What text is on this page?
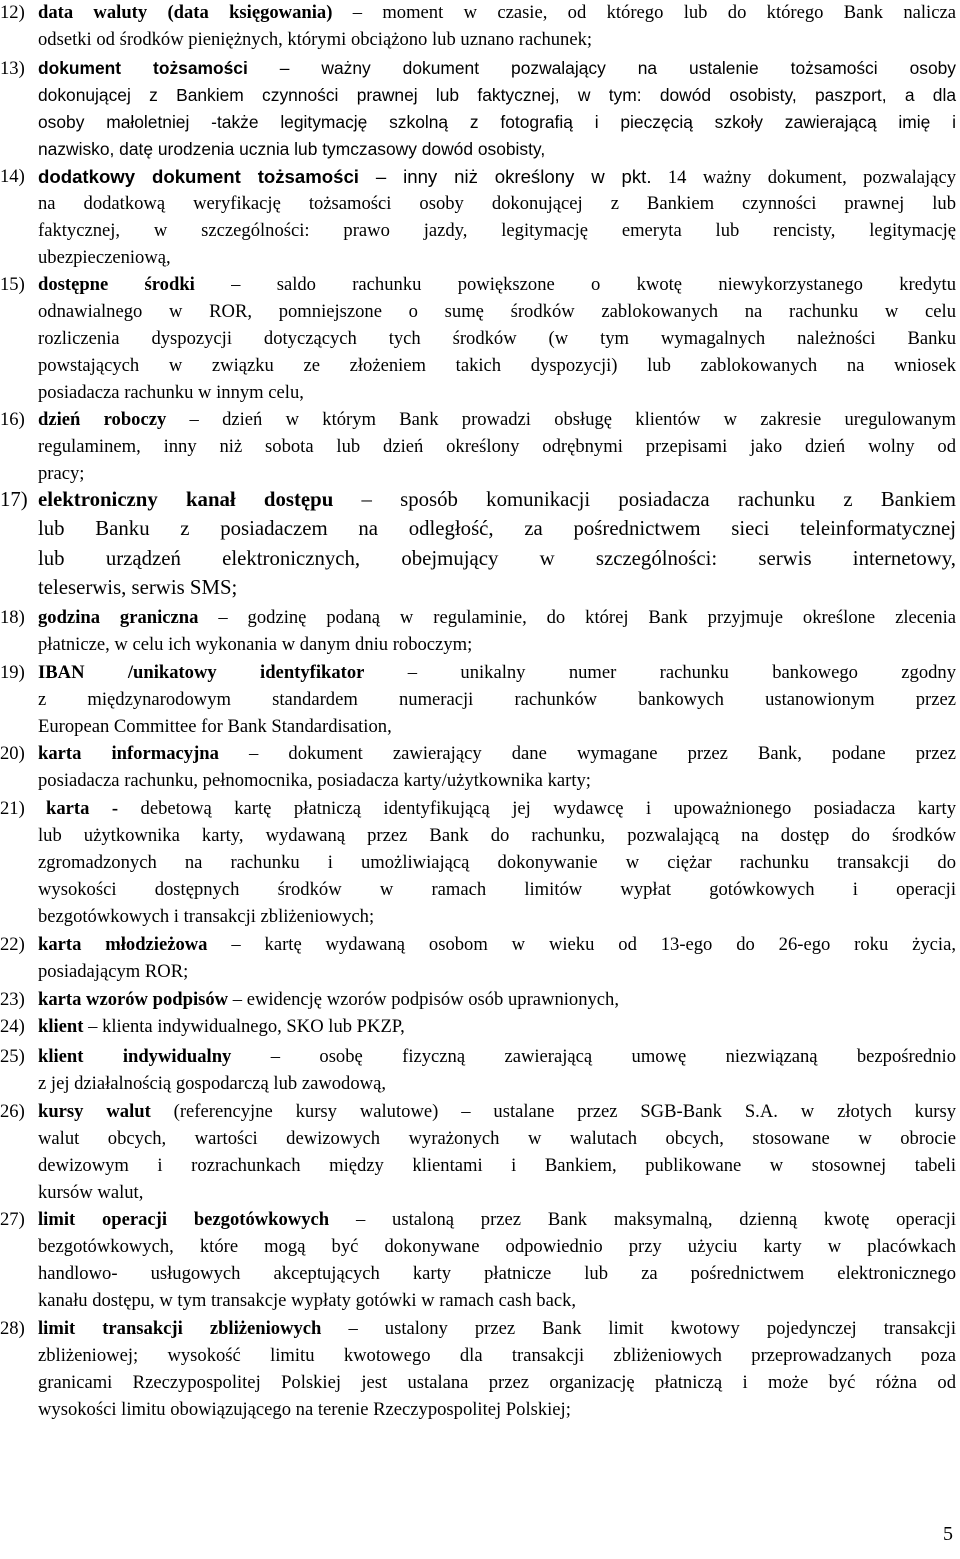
12) data waluty (data księgowania) – moment w czasie, od którego lub do którego Bank nalicza
odsetki od środków pieniężnych, którymi obciążono lub uznano rachunek;
13) dokument tożsamości – ważny dokument pozwalający na ustalenie tożsamości osoby
dokonującej z Bankiem czynności prawnej lub faktycznej, w tym: dowód osobisty, paszport, a dla
osoby małoletniej -także legitymację szkolną z fotografią i pieczęcią szkoły zawierającą imię i
nazwisko, datę urodzenia ucznia lub tymczasowy dowód osobisty,
14) dodatkowy dokument tożsamości – inny niż określony w pkt. 14 ważny dokument, pozwalający
na dodatkową weryfikację tożsamości osoby dokonującej z Bankiem czynności prawnej lub
faktycznej, w szczególności: prawo jazdy, legitymację emeryta lub rencisty, legitymację
ubezpieczeniową,
15) dostępne środki – saldo rachunku powiększone o kwotę niewykorzystanego kredytu
odnawialnego w ROR, pomniejszone o sumę środków zablokowanych na rachunku w celu
rozliczenia dyspozycji dotyczących tych środków (w tym wymagalnych należności Banku
powstających w związku ze złożeniem takich dyspozycji) lub zablokowanych na wniosek
posiadacza rachunku w innym celu,
16) dzień roboczy – dzień w którym Bank prowadzi obsługę klientów w zakresie uregulowanym
regulaminem, inny niż sobota lub dzień określony odrębnymi przepisami jako dzień wolny od
pracy;
17) elektroniczny kanał dostępu – sposób komunikacji posiadacza rachunku z Bankiem
lub Banku z posiadaczem na odległość, za pośrednictwem sieci teleinformatycznej
lub urządzeń elektronicznych, obejmujący w szczególności: serwis internetowy,
teleserwis, serwis SMS;
18) godzina graniczna – godzinę podaną w regulaminie, do której Bank przyjmuje określone zlecenia
płatnicze, w celu ich wykonania w danym dniu roboczym;
19) IBAN /unikatowy identyfikator – unikalny numer rachunku bankowego zgodny
z międzynarodowym standardem numeracji rachunków bankowych ustanowionym przez
European Committee for Bank Standardisation,
20) karta informacyjna – dokument zawierający dane wymagane przez Bank, podane przez
posiadacza rachunku, pełnomocnika, posiadacza karty/użytkownika karty;
21) karta - debetową kartę płatniczą identyfikującą jej wydawcę i upoważnionego posiadacza karty
lub użytkownika karty, wydawaną przez Bank do rachunku, pozwalającą na dostęp do środków
zgromadzonych na rachunku i umożliwiającą dokonywanie w ciężar rachunku transakcji do
wysokości dostępnych środków w ramach limitów wypłat gotówkowych i operacji
bezgotówkowych i transakcji zbliżeniowych;
22) karta młodzieżowa – kartę wydawaną osobom w wieku od 13-ego do 26-ego roku życia,
posiadającym ROR;
23) karta wzorów podpisów – ewidencję wzorów podpisów osób uprawnionych,
24) klient – klienta indywidualnego, SKO lub PKZP,
25) klient indywidualny – osobę fizyczną zawierającą umowę niezwiązaną bezpośrednio
z jej działalnością gospodarczą lub zawodową,
26) kursy walut (referencyjne kursy walutowe) – ustalane przez SGB-Bank S.A. w złotych kursy
walut obcych, wartości dewizowych wyrażonych w walutach obcych, stosowane w obrocie
dewizowym i rozrachunkach między klientami i Bankiem, publikowane w stosownej tabeli
kursów walut,
27) limit operacji bezgotówkowych – ustaloną przez Bank maksymalną, dzienną kwotę operacji
bezgotówkowych, które mogą być dokonywane odpowiednio przy użyciu karty w placówkach
handlowo- usługowych akceptujących karty płatnicze lub za pośrednictwem elektronicznego
kanału dostępu, w tym transakcje wypłaty gotówki w ramach cash back,
28) limit transakcji zbliżeniowych – ustalony przez Bank limit kwotowy pojedynczej transakcji
zbliżeniowej; wysokość limitu kwotowego dla transakcji zbliżeniowych przeprowadzanych poza
granicami Rzeczypospolitej Polskiej jest ustalana przez organizację płatniczą i może być różna od
wysokości limitu obowiązującego na terenie Rzeczypospolitej Polskiej;
5
